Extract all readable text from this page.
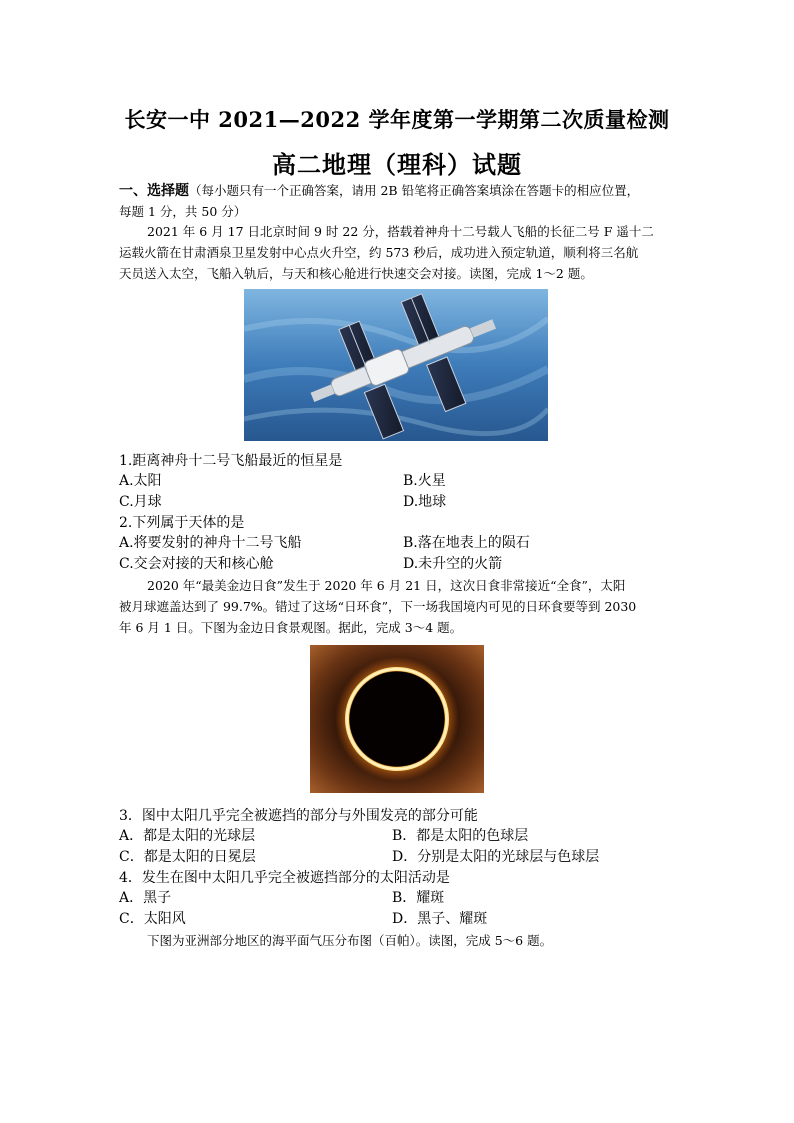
长安一中 2021—2022 学年度第一学期第二次质量检测
高二地理（理科）试题
一、选择题（每小题只有一个正确答案，请用 2B 铅笔将正确答案填涂在答题卡的相应位置，
每题 1 分，共 50 分）
2021 年 6 月 17 日北京时间 9 时 22 分，搭载着神舟十二号载人飞船的长征二号 F 遥十二
运载火箭在甘肃酒泉卫星发射中心点火升空，约 573 秒后，成功进入预定轨道，顺利将三名航
天员送入太空，飞船入轨后，与天和核心舱进行快速交会对接。读图，完成 1～2 题。
1.距离神舟十二号飞船最近的恒星是
A.太阳	B.火星
C.月球	D.地球
2.下列属于天体的是
A.将要发射的神舟十二号飞船	B.落在地表上的陨石
C.交会对接的天和核心舱	D.未升空的火箭
2020 年“最美金边日食”发生于 2020 年 6 月 21 日，这次日食非常接近“全食”，太阳
被月球遮盖达到了 99.7%。错过了这场“日环食”，下一场我国境内可见的日环食要等到 2030
年 6 月 1 日。下图为金边日食景观图。据此，完成 3～4 题。
3．图中太阳几乎完全被遮挡的部分与外围发亮的部分可能
A．都是太阳的光球层	B．都是太阳的色球层
C．都是太阳的日冕层	D．分别是太阳的光球层与色球层
4．发生在图中太阳几乎完全被遮挡部分的太阳活动是
A．黑子	B．耀斑
C．太阳风	D．黑子、耀斑
下图为亚洲部分地区的海平面气压分布图（百帕）。读图，完成 5～6 题。
